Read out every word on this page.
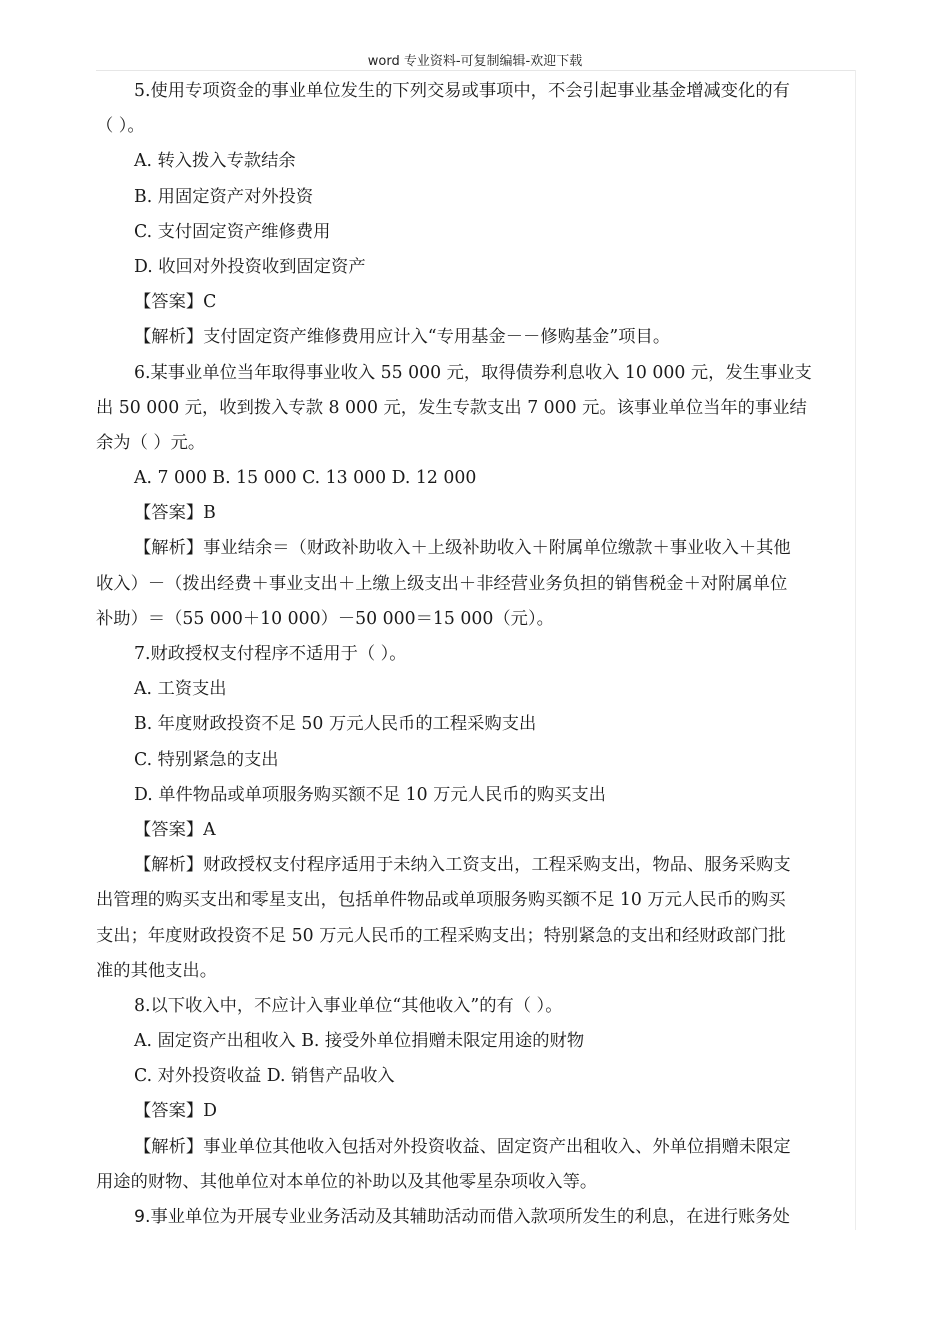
word 专业资料-可复制编辑-欢迎下载
5.使用专项资金的事业单位发生的下列交易或事项中，不会引起事业基金增减变化的有
（ ）。
A. 转入拨入专款结余
B. 用固定资产对外投资
C. 支付固定资产维修费用
D. 收回对外投资收到固定资产
【答案】C
【解析】支付固定资产维修费用应计入“专用基金－－修购基金”项目。
6.某事业单位当年取得事业收入 55 000 元，取得债券利息收入 10 000 元，发生事业支
出 50 000 元，收到拨入专款 8 000 元，发生专款支出 7 000 元。该事业单位当年的事业结
余为（ ）元。
A. 7 000 B. 15 000 C. 13 000 D. 12 000
【答案】B
【解析】事业结余＝（财政补助收入＋上级补助收入＋附属单位缴款＋事业收入＋其他
收入）－（拨出经费＋事业支出＋上缴上级支出＋非经营业务负担的销售税金＋对附属单位
补助）＝（55 000＋10 000）－50 000＝15 000（元）。
7.财政授权支付程序不适用于（ ）。
A. 工资支出
B. 年度财政投资不足 50 万元人民币的工程采购支出
C. 特别紧急的支出
D. 单件物品或单项服务购买额不足 10 万元人民币的购买支出
【答案】A
【解析】财政授权支付程序适用于未纳入工资支出，工程采购支出，物品、服务采购支
出管理的购买支出和零星支出，包括单件物品或单项服务购买额不足 10 万元人民币的购买
支出；年度财政投资不足 50 万元人民币的工程采购支出；特别紧急的支出和经财政部门批
准的其他支出。
8.以下收入中，不应计入事业单位“其他收入”的有（ ）。
A. 固定资产出租收入 B. 接受外单位捐赠未限定用途的财物
C. 对外投资收益 D. 销售产品收入
【答案】D
【解析】事业单位其他收入包括对外投资收益、固定资产出租收入、外单位捐赠未限定
用途的财物、其他单位对本单位的补助以及其他零星杂项收入等。
9.事业单位为开展专业业务活动及其辅助活动而借入款项所发生的利息，在进行账务处
